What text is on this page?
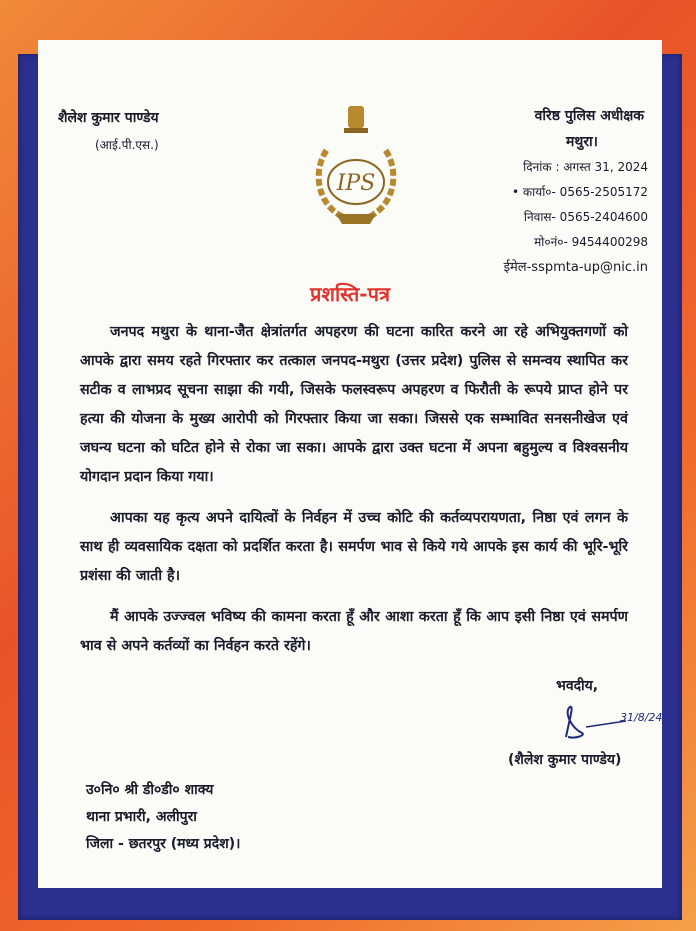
शैलेश कुमार पाण्डेय
(आई.पी.एस.)
IPS
वरिष्ठ पुलिस अधीक्षक
मथुरा।
दिनांक : अगस्त 31, 2024
• कार्या०- 0565-2505172
निवास- 0565-2404600
मो०नं०- 9454400298
ईमेल-sspmta-up@nic.in
प्रशस्ति-पत्र
जनपद मथुरा के थाना-जैत क्षेत्रांतर्गत अपहरण की घटना कारित करने आ रहे अभियुक्तगणों को आपके द्वारा समय रहते गिरफ्तार कर तत्काल जनपद-मथुरा (उत्तर प्रदेश) पुलिस से समन्वय स्थापित कर सटीक व लाभप्रद सूचना साझा की गयी, जिसके फलस्वरूप अपहरण व फिरौती के रूपये प्राप्त होने पर हत्या की योजना के मुख्य आरोपी को गिरफ्तार किया जा सका। जिससे एक सम्भावित सनसनीखेज एवं जघन्य घटना को घटित होने से रोका जा सका। आपके द्वारा उक्त घटना में अपना बहुमुल्य व विश्वसनीय योगदान प्रदान किया गया।
आपका यह कृत्य अपने दायित्वों के निर्वहन में उच्च कोटि की कर्तव्यपरायणता, निष्ठा एवं लगन के साथ ही व्यवसायिक दक्षता को प्रदर्शित करता है। समर्पण भाव से किये गये आपके इस कार्य की भूरि-भूरि प्रशंसा की जाती है।
मैं आपके उज्ज्वल भविष्य की कामना करता हूँ और आशा करता हूँ कि आप इसी निष्ठा एवं समर्पण भाव से अपने कर्तव्यों का निर्वहन करते रहेंगे।
भवदीय,
31/8/24
(शैलेश कुमार पाण्डेय)
उ०नि० श्री डी०डी० शाक्य
थाना प्रभारी, अलीपुरा
जिला - छतरपुर (मध्य प्रदेश)।
